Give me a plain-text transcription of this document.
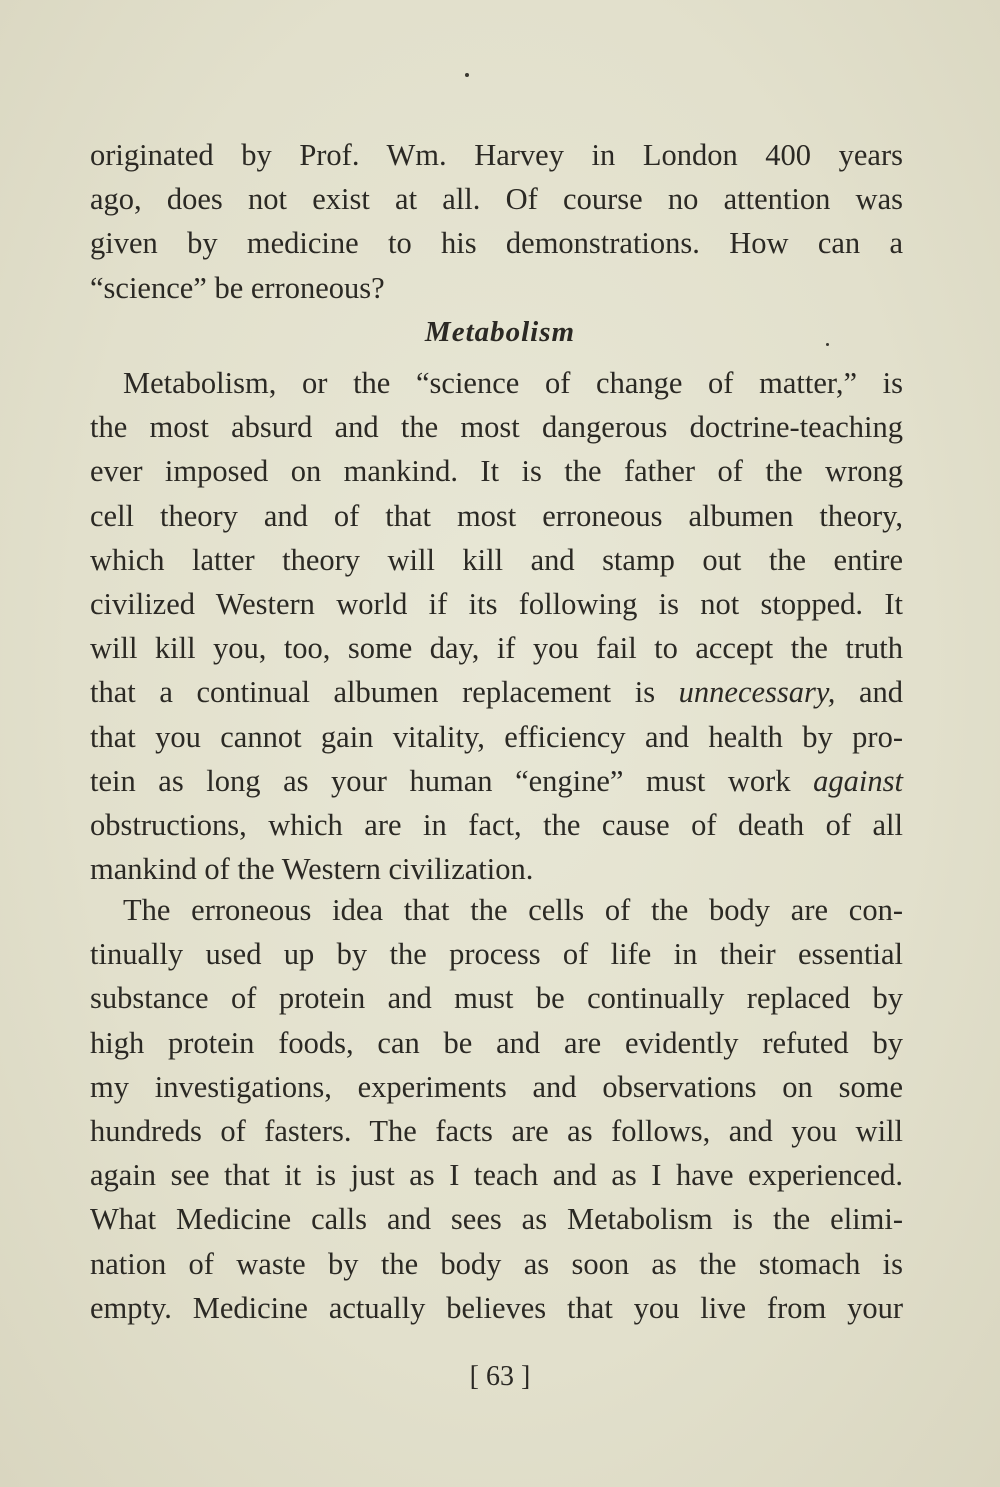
originated by Prof. Wm. Harvey in London 400 years
ago, does not exist at all. Of course no attention was
given by medicine to his demonstrations. How can a
“science” be erroneous?

Metabolism

Metabolism, or the “science of change of matter,” is
the most absurd and the most dangerous doctrine-teaching
ever imposed on mankind. It is the father of the wrong
cell theory and of that most erroneous albumen theory,
which latter theory will kill and stamp out the entire
civilized Western world if its following is not stopped. It
will kill you, too, some day, if you fail to accept the truth
that a continual albumen replacement is unnecessary, and
that you cannot gain vitality, efficiency and health by pro-
tein as long as your human “engine” must work against
obstructions, which are in fact, the cause of death of all
mankind of the Western civilization.

The erroneous idea that the cells of the body are con-
tinually used up by the process of life in their essential
substance of protein and must be continually replaced by
high protein foods, can be and are evidently refuted by
my investigations, experiments and observations on some
hundreds of fasters. The facts are as follows, and you will
again see that it is just as I teach and as I have experienced.
What Medicine calls and sees as Metabolism is the elimi-
nation of waste by the body as soon as the stomach is
empty. Medicine actually believes that you live from your

[ 63 ]
